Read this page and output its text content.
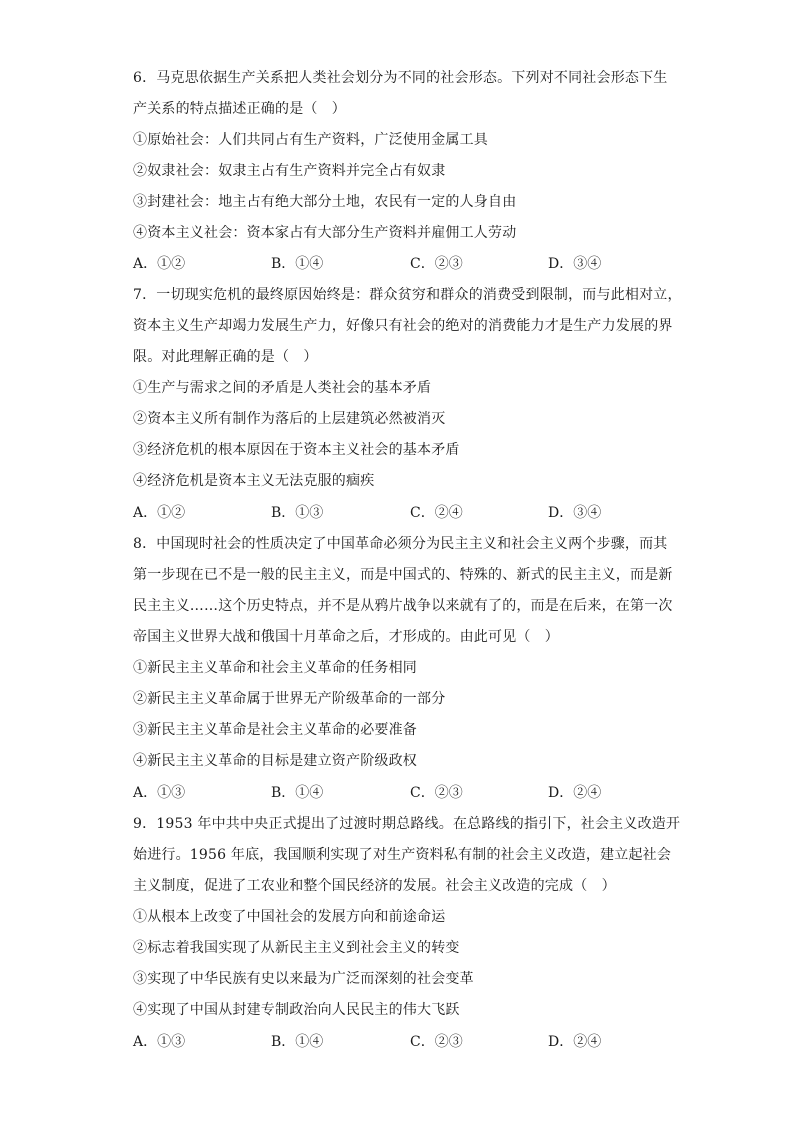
6．马克思依据生产关系把人类社会划分为不同的社会形态。下列对不同社会形态下生
产关系的特点描述正确的是（　）
①原始社会：人们共同占有生产资料，广泛使用金属工具
②奴隶社会：奴隶主占有生产资料并完全占有奴隶
③封建社会：地主占有绝大部分土地，农民有一定的人身自由
④资本主义社会：资本家占有大部分生产资料并雇佣工人劳动
A．①②	B．①④	C．②③	D．③④
7．一切现实危机的最终原因始终是：群众贫穷和群众的消费受到限制，而与此相对立，
资本主义生产却竭力发展生产力，好像只有社会的绝对的消费能力才是生产力发展的界
限。对此理解正确的是（　）
①生产与需求之间的矛盾是人类社会的基本矛盾
②资本主义所有制作为落后的上层建筑必然被消灭
③经济危机的根本原因在于资本主义社会的基本矛盾
④经济危机是资本主义无法克服的痼疾
A．①②	B．①③	C．②④	D．③④
8．中国现时社会的性质决定了中国革命必须分为民主主义和社会主义两个步骤，而其
第一步现在已不是一般的民主主义，而是中国式的、特殊的、新式的民主主义，而是新
民主主义……这个历史特点，并不是从鸦片战争以来就有了的，而是在后来，在第一次
帝国主义世界大战和俄国十月革命之后，才形成的。由此可见（　）
①新民主主义革命和社会主义革命的任务相同
②新民主主义革命属于世界无产阶级革命的一部分
③新民主主义革命是社会主义革命的必要准备
④新民主主义革命的目标是建立资产阶级政权
A．①③	B．①④	C．②③	D．②④
9．1953 年中共中央正式提出了过渡时期总路线。在总路线的指引下，社会主义改造开
始进行。1956 年底，我国顺利实现了对生产资料私有制的社会主义改造，建立起社会
主义制度，促进了工农业和整个国民经济的发展。社会主义改造的完成（　）
①从根本上改变了中国社会的发展方向和前途命运
②标志着我国实现了从新民主主义到社会主义的转变
③实现了中华民族有史以来最为广泛而深刻的社会变革
④实现了中国从封建专制政治向人民民主的伟大飞跃
A．①③	B．①④	C．②③	D．②④
